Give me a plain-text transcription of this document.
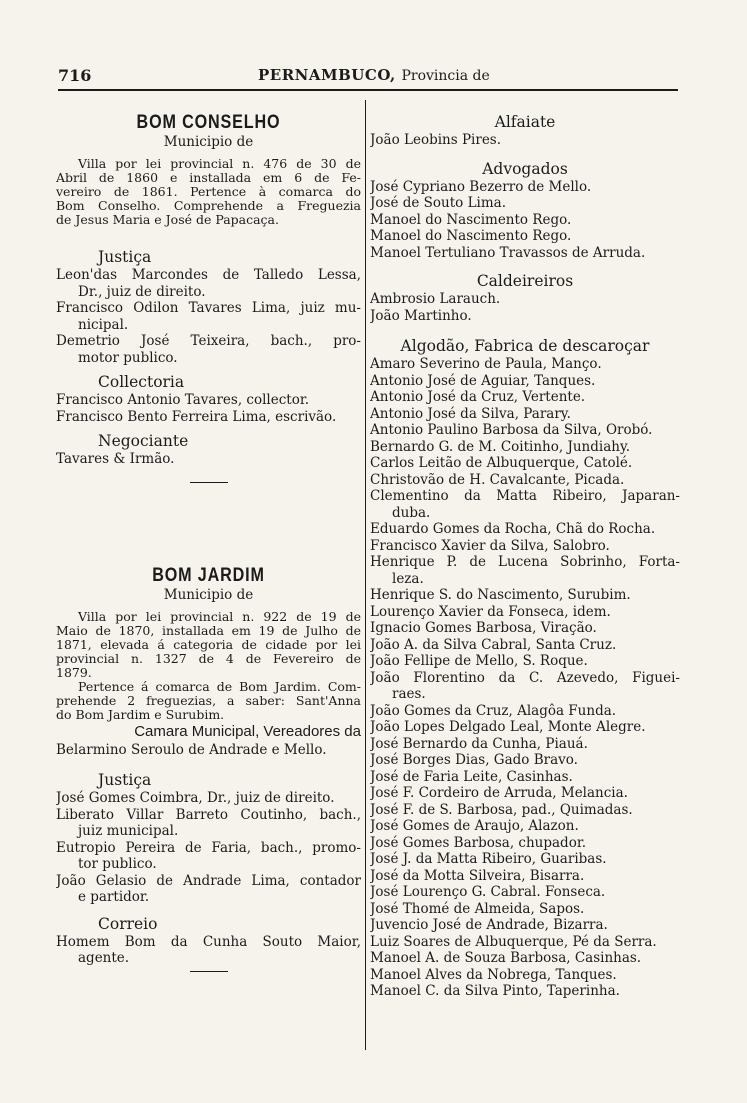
716	PERNAMBUCO, Provincia de
BOM CONSELHO
Municipio de
Villa por lei provincial n. 476 de 30 de
Abril de 1860 e installada em 6 de Fe-
vereiro de 1861. Pertence à comarca do
Bom Conselho. Comprehende a Freguezia
de Jesus Maria e José de Papacaça.
Justiça
Leon'das Marcondes de Talledo Lessa,
Dr., juiz de direito.
Francisco Odilon Tavares Lima, juiz mu-
nicipal.
Demetrio José Teixeira, bach., pro-
motor publico.
Collectoria
Francisco Antonio Tavares, collector.
Francisco Bento Ferreira Lima, escrivão.
Negociante
Tavares & Irmão.
BOM JARDIM
Municipio de
Villa por lei provincial n. 922 de 19 de
Maio de 1870, installada em 19 de Julho de
1871, elevada á categoria de cidade por lei
provincial n. 1327 de 4 de Fevereiro de
1879.
Pertence á comarca de Bom Jardim. Com-
prehende 2 freguezias, a saber: Sant'Anna
do Bom Jardim e Surubim.
Camara Municipal, Vereadores da
Belarmino Seroulo de Andrade e Mello.
Justiça
José Gomes Coimbra, Dr., juiz de direito.
Liberato Villar Barreto Coutinho, bach.,
juiz municipal.
Eutropio Pereira de Faria, bach., promo-
tor publico.
João Gelasio de Andrade Lima, contador
e partidor.
Correio
Homem Bom da Cunha Souto Maior,
agente.
Alfaiate
João Leobins Pires.
Advogados
José Cypriano Bezerro de Mello.
José de Souto Lima.
Manoel do Nascimento Rego.
Manoel do Nascimento Rego.
Manoel Tertuliano Travassos de Arruda.
Caldeireiros
Ambrosio Larauch.
João Martinho.
Algodão, Fabrica de descaroçar
Amaro Severino de Paula, Manço.
Antonio José de Aguiar, Tanques.
Antonio José da Cruz, Vertente.
Antonio José da Silva, Parary.
Antonio Paulino Barbosa da Silva, Orobó.
Bernardo G. de M. Coitinho, Jundiahy.
Carlos Leitão de Albuquerque, Catolé.
Christovão de H. Cavalcante, Picada.
Clementino da Matta Ribeiro, Japaran-
duba.
Eduardo Gomes da Rocha, Chã do Rocha.
Francisco Xavier da Silva, Salobro.
Henrique P. de Lucena Sobrinho, Forta-
leza.
Henrique S. do Nascimento, Surubim.
Lourenço Xavier da Fonseca, idem.
Ignacio Gomes Barbosa, Viração.
João A. da Silva Cabral, Santa Cruz.
João Fellipe de Mello, S. Roque.
João Florentino da C. Azevedo, Figuei-
raes.
João Gomes da Cruz, Alagôa Funda.
João Lopes Delgado Leal, Monte Alegre.
José Bernardo da Cunha, Piauá.
José Borges Dias, Gado Bravo.
José de Faria Leite, Casinhas.
José F. Cordeiro de Arruda, Melancia.
José F. de S. Barbosa, pad., Quimadas.
José Gomes de Araujo, Alazon.
José Gomes Barbosa, chupador.
José J. da Matta Ribeiro, Guaribas.
José da Motta Silveira, Bisarra.
José Lourenço G. Cabral. Fonseca.
José Thomé de Almeida, Sapos.
Juvencio José de Andrade, Bizarra.
Luiz Soares de Albuquerque, Pé da Serra.
Manoel A. de Souza Barbosa, Casinhas.
Manoel Alves da Nobrega, Tanques.
Manoel C. da Silva Pinto, Taperinha.
